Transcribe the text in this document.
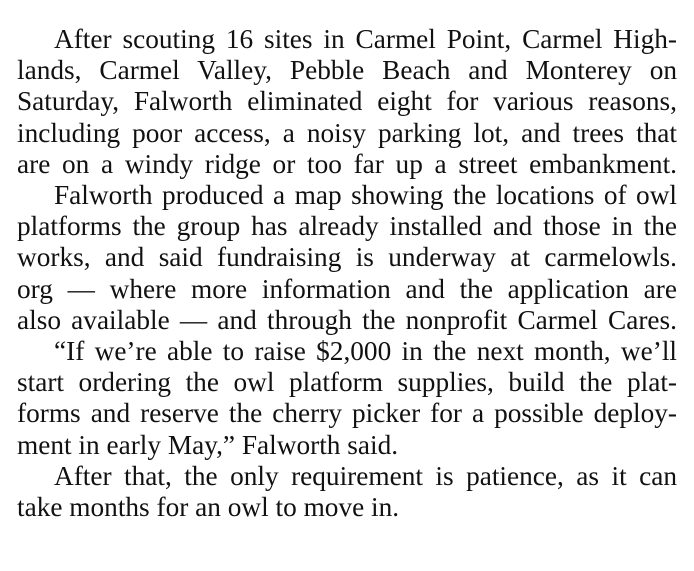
After scouting 16 sites in Carmel Point, Carmel High-
lands, Carmel Valley, Pebble Beach and Monterey on
Saturday, Falworth eliminated eight for various reasons,
including poor access, a noisy parking lot, and trees that
are on a windy ridge or too far up a street embankment.

Falworth produced a map showing the locations of owl
platforms the group has already installed and those in the
works, and said fundraising is underway at carmelowls.
org — where more information and the application are
also available — and through the nonprofit Carmel Cares.

“If we’re able to raise $2,000 in the next month, we’ll
start ordering the owl platform supplies, build the plat-
forms and reserve the cherry picker for a possible deploy-
ment in early May,” Falworth said.

After that, the only requirement is patience, as it can
take months for an owl to move in.
